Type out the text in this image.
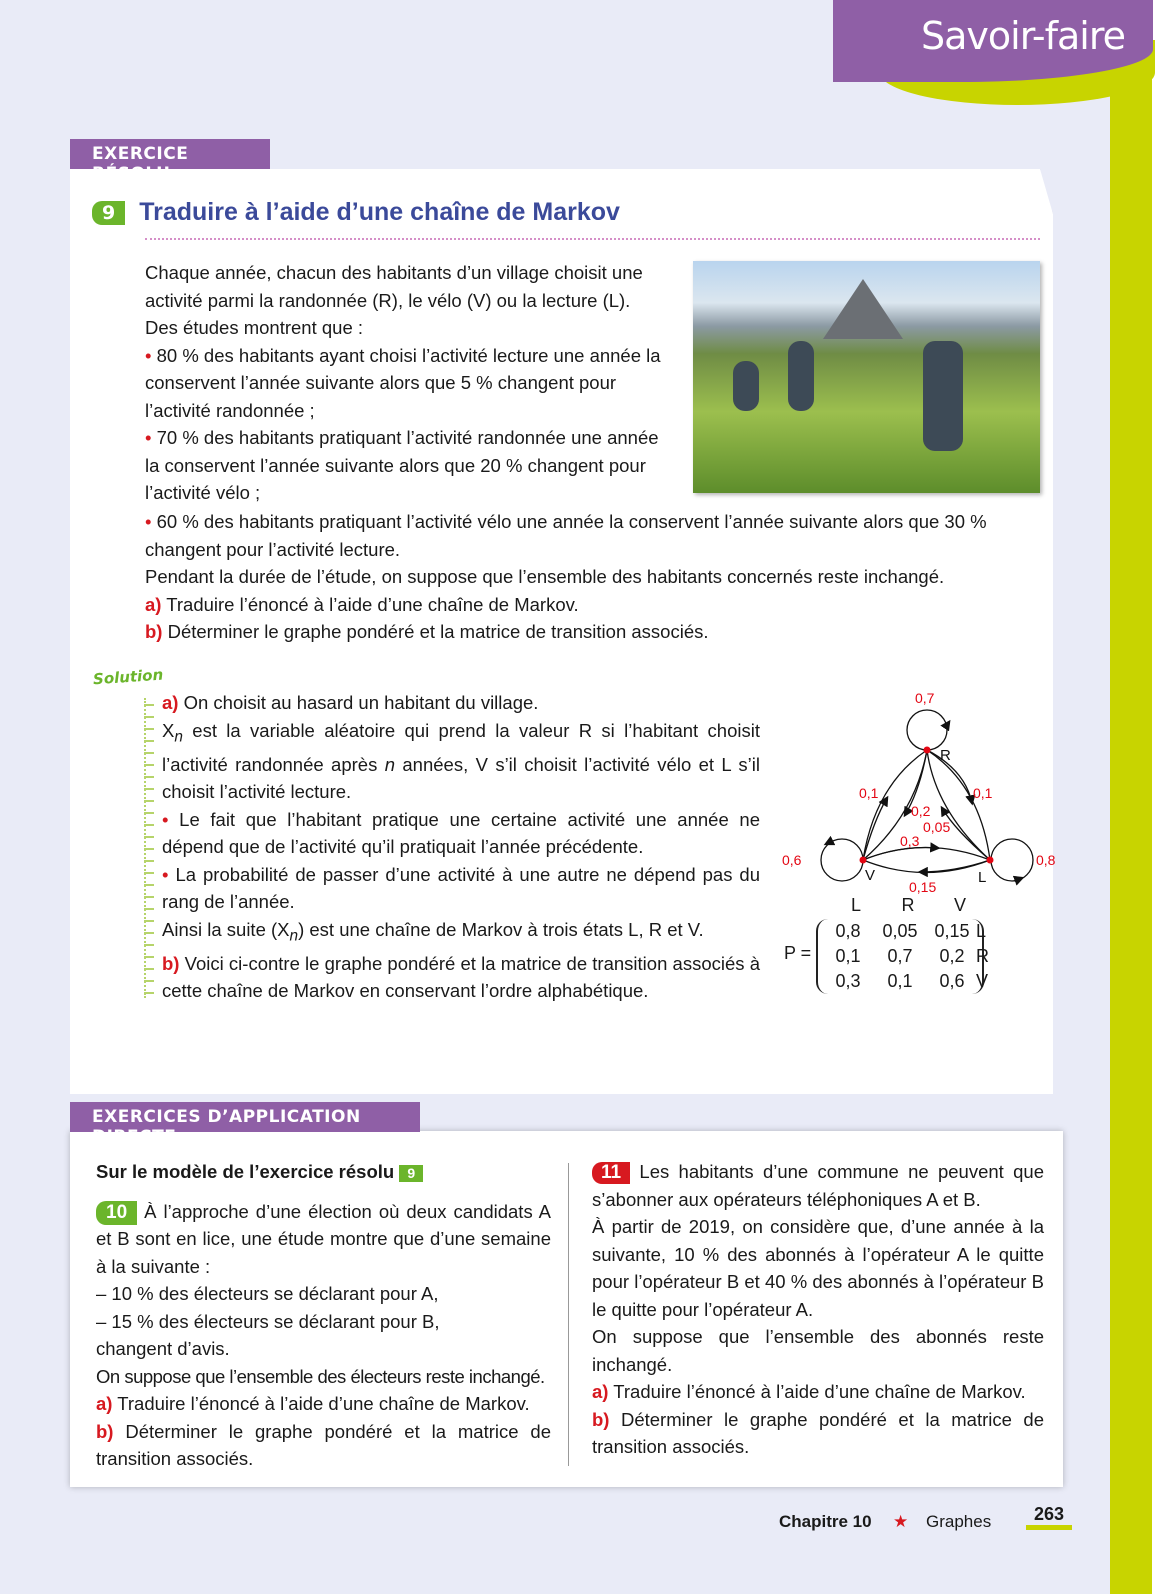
Savoir-faire
EXERCICE RÉSOLU
9 Traduire à l’aide d’une chaîne de Markov

Chaque année, chacun des habitants d’un village choisit une activité parmi la randonnée (R), le vélo (V) ou la lecture (L).

Des études montrent que :

• 80 % des habitants ayant choisi l’activité lecture une année la conservent l’année suivante alors que 5 % changent pour l’activité randonnée ;

• 70 % des habitants pratiquant l’activité randonnée une année la conservent l’année suivante alors que 20 % changent pour l’activité vélo ;

• 60 % des habitants pratiquant l’activité vélo une année la conservent l’année suivante alors que 30 % changent pour l’activité lecture.

Pendant la durée de l’étude, on suppose que l’ensemble des habitants concernés reste inchangé.

a) Traduire l’énoncé à l’aide d’une chaîne de Markov.

b) Déterminer le graphe pondéré et la matrice de transition associés.

Solution

a) On choisit au hasard un habitant du village.

$X_n$ est la variable aléatoire qui prend la valeur R si l’habitant choisit l’activité randonnée après n années, V s’il choisit l’activité vélo et L s’il choisit l’activité lecture.

• Le fait que l’habitant pratique une certaine activité une année ne dépend que de l’activité qu’il pratiquait l’année précédente.

• La probabilité de passer d’une activité à une autre ne dépend pas du rang de l’année.

Ainsi la suite $(X_n)$ est une chaîne de Markov à trois états L, R et V.

b) Voici ci-contre le graphe pondéré et la matrice de transition associés à cette chaîne de Markov en conservant l’ordre alphabétique.

R
V	L
0,7
0,1
0,2
0,05
0,1
0,3
0,15
0,6	0,8
L	R	V
P =
0,8	0,05 0,15
0,1	0,7	0,2
0,3	0,1	0,6
L
R
V
EXERCICES D’APPLICATION DIRECTE

Sur le modèle de l’exercice résolu 9

10 À l’approche d’une élection où deux candidats A et B sont en lice, une étude montre que d’une semaine à la suivante :

– 10 % des électeurs se déclarant pour A,

– 15 % des électeurs se déclarant pour B,

changent d’avis.

On suppose que l’ensemble des électeurs reste inchangé.

a) Traduire l’énoncé à l’aide d’une chaîne de Markov.

b) Déterminer le graphe pondéré et la matrice de transition associés.

11 Les habitants d’une commune ne peuvent que s’abonner aux opérateurs téléphoniques A et B.

À partir de 2019, on considère que, d’une année à la suivante, 10 % des abonnés à l’opérateur A le quitte pour l’opérateur B et 40 % des abonnés à l’opérateur B le quitte pour l’opérateur A.

On suppose que l’ensemble des abonnés reste inchangé.

a) Traduire l’énoncé à l’aide d’une chaîne de Markov.

b) Déterminer le graphe pondéré et la matrice de transition associés.

Chapitre 10 ★ Graphes	263
